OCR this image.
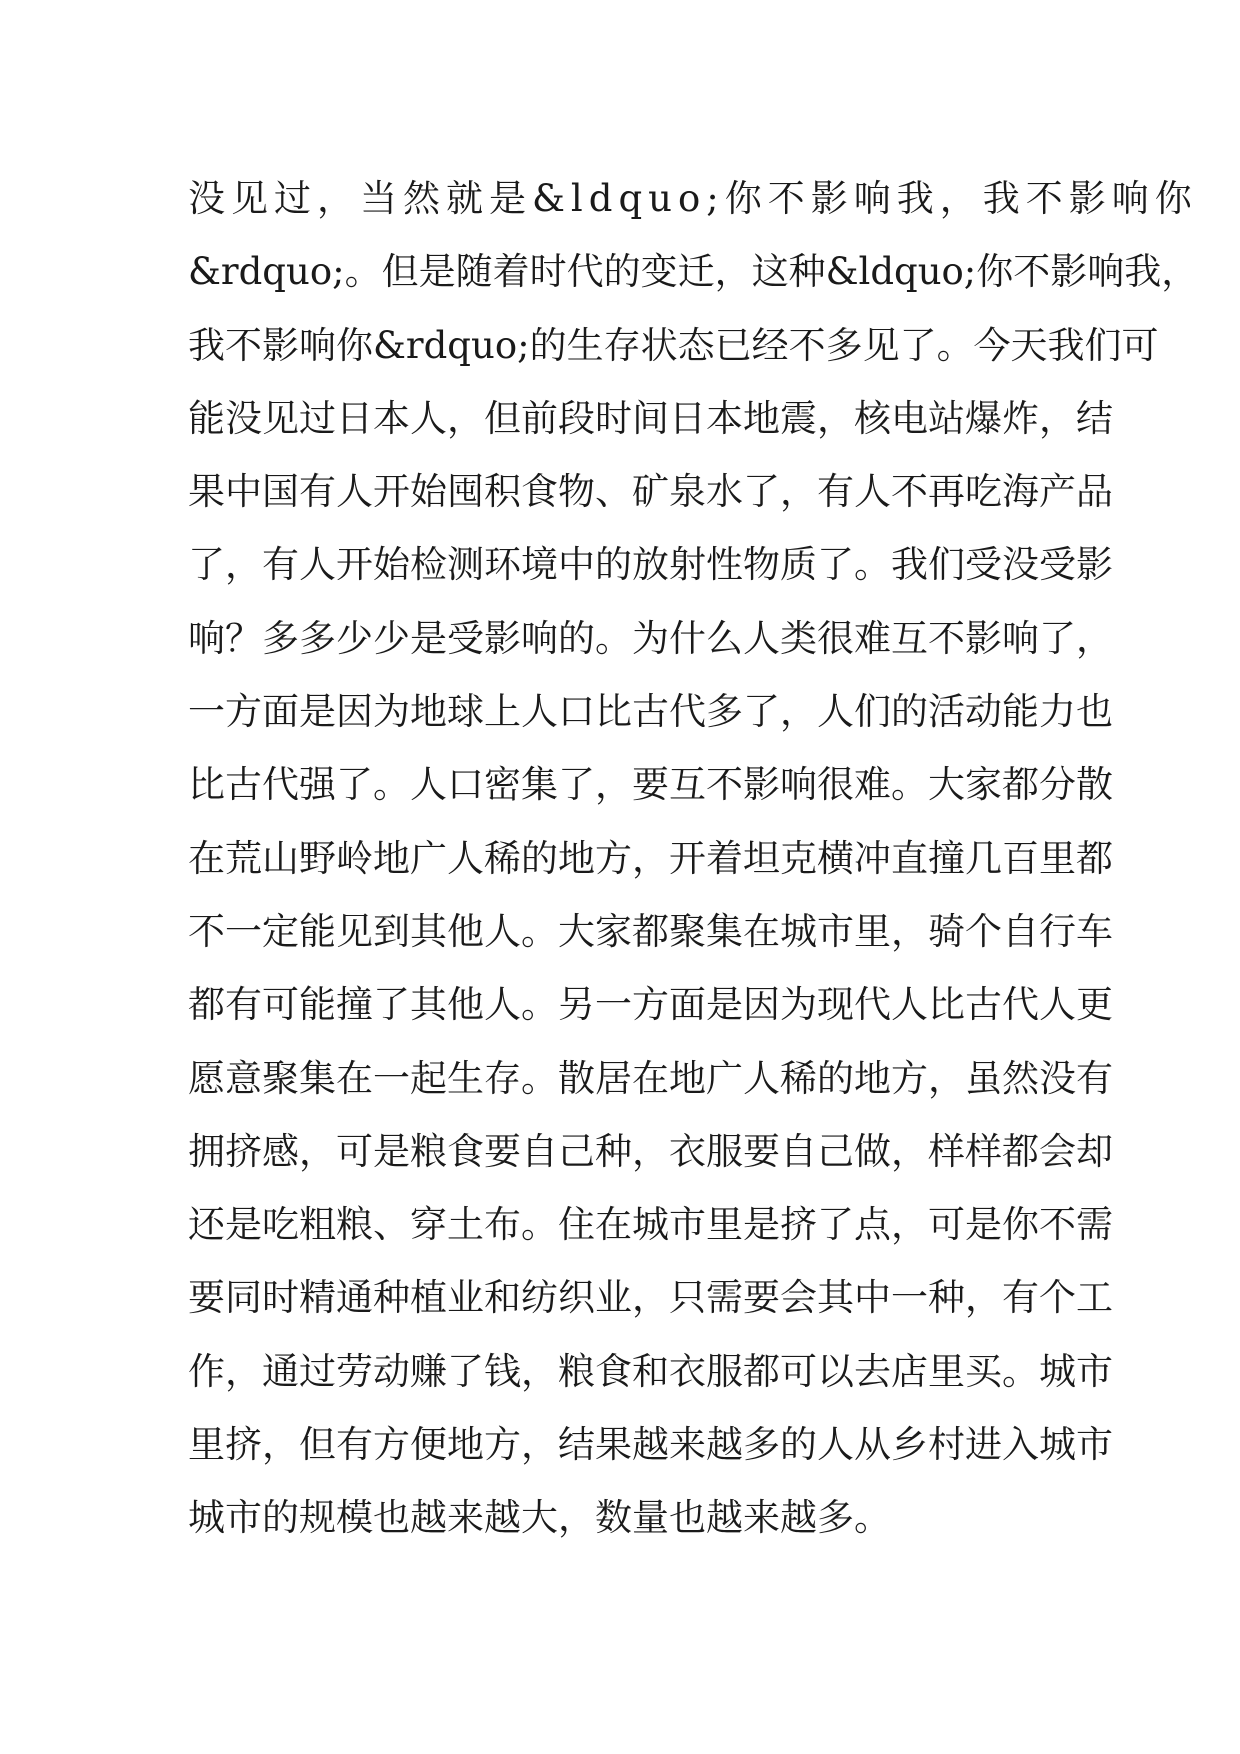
没见过，当然就是&ldquo;你不影响我，我不影响你
&rdquo;。但是随着时代的变迁，这种&ldquo;你不影响我，
我不影响你&rdquo;的生存状态已经不多见了。今天我们可
能没见过日本人，但前段时间日本地震，核电站爆炸，结
果中国有人开始囤积食物、矿泉水了，有人不再吃海产品
了，有人开始检测环境中的放射性物质了。我们受没受影
响？多多少少是受影响的。为什么人类很难互不影响了，
一方面是因为地球上人口比古代多了，人们的活动能力也
比古代强了。人口密集了，要互不影响很难。大家都分散
在荒山野岭地广人稀的地方，开着坦克横冲直撞几百里都
不一定能见到其他人。大家都聚集在城市里，骑个自行车
都有可能撞了其他人。另一方面是因为现代人比古代人更
愿意聚集在一起生存。散居在地广人稀的地方，虽然没有
拥挤感，可是粮食要自己种，衣服要自己做，样样都会却
还是吃粗粮、穿土布。住在城市里是挤了点，可是你不需
要同时精通种植业和纺织业，只需要会其中一种，有个工
作，通过劳动赚了钱，粮食和衣服都可以去店里买。城市
里挤，但有方便地方，结果越来越多的人从乡村进入城市
城市的规模也越来越大，数量也越来越多。
